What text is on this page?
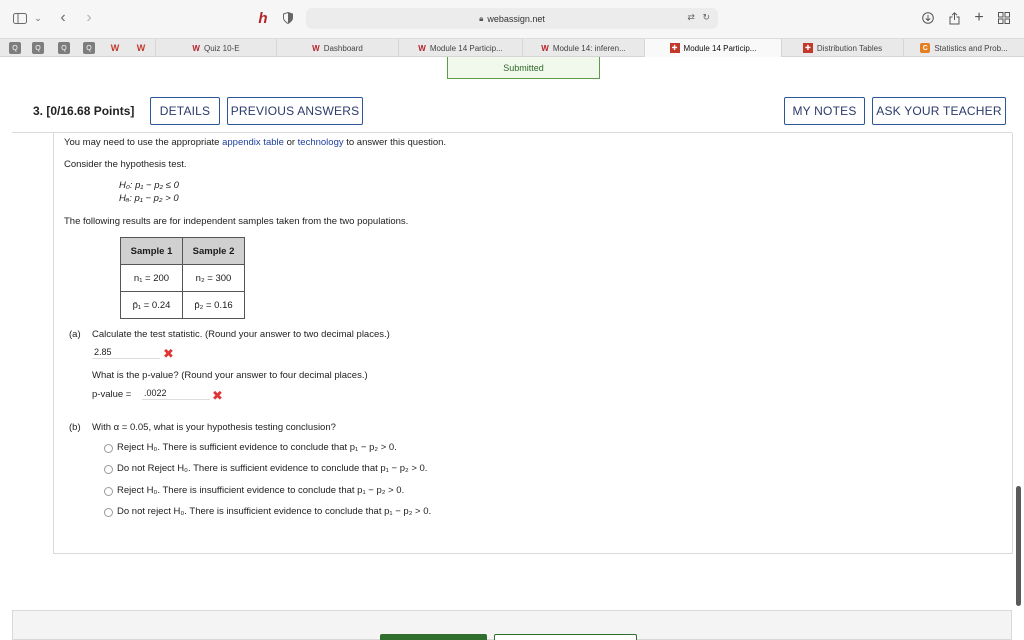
⌄ ‹ ›	h	🔒︎ webassign.net	⇄ ↻	+
Q	Q	Q	Q	W W	W Quiz 10-E	W Dashboard	W Module 14 Particip...	W Module 14: inferen...	✚ Module 14 Particip...	✚ Distribution Tables	C Statistics and Prob...
Submitted
3. [0/16.68 Points]	DETAILS	PREVIOUS ANSWERS	MY NOTES	ASK YOUR TEACHER
You may need to use the appropriate appendix table or technology to answer this question.
Consider the hypothesis test.
H₀: p₁ − p₂ ≤ 0
Hₐ: p₁ − p₂ > 0
The following results are for independent samples taken from the two populations.
Sample 1	Sample 2
n₁ = 200	n₂ = 300
p̄₁ = 0.24	p̄₂ = 0.16
(a) Calculate the test statistic. (Round your answer to two decimal places.)
2.85	✖
What is the p-value? (Round your answer to four decimal places.)
p-value = .0022	✖
(b) With α = 0.05, what is your hypothesis testing conclusion?
Reject H₀. There is sufficient evidence to conclude that p₁ − p₂ > 0.
Do not Reject H₀. There is sufficient evidence to conclude that p₁ − p₂ > 0.
Reject H₀. There is insufficient evidence to conclude that p₁ − p₂ > 0.
Do not reject H₀. There is insufficient evidence to conclude that p₁ − p₂ > 0.
